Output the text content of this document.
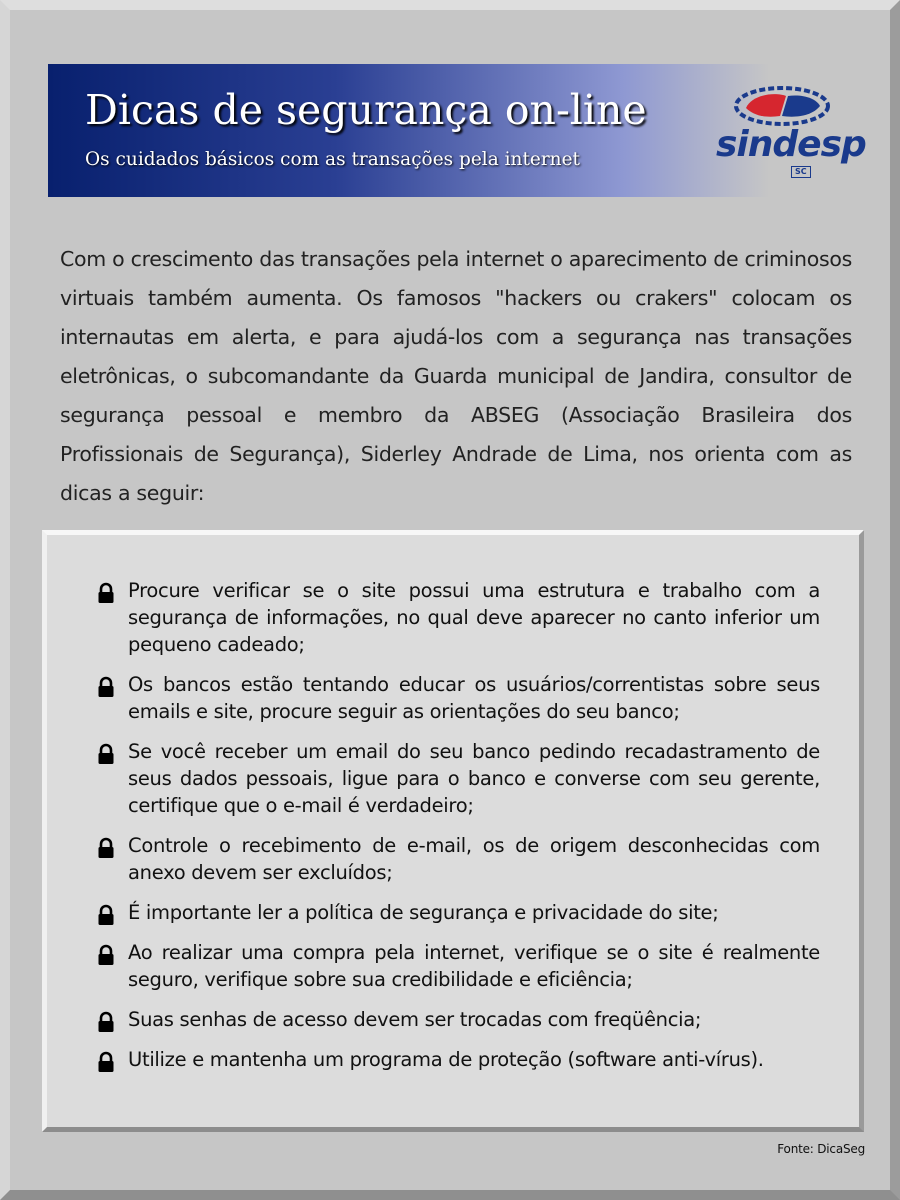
Dicas de segurança on-line
Os cuidados básicos com as transações pela internet	sindesp
SC
Com o crescimento das transações pela internet o aparecimento de criminosos virtuais também aumenta. Os famosos "hackers ou crakers" colocam os internautas em alerta, e para ajudá-los com a segurança nas transações eletrônicas, o subcomandante da Guarda municipal de Jandira, consultor de segurança pessoal e membro da ABSEG (Associação Brasileira dos Profissionais de Segurança), Siderley Andrade de Lima, nos orienta com as dicas a seguir:
Procure verificar se o site possui uma estrutura e trabalho com a segurança de informações, no qual deve aparecer no canto inferior um pequeno cadeado;
Os bancos estão tentando educar os usuários/correntistas sobre seus emails e site, procure seguir as orientações do seu banco;
Se você receber um email do seu banco pedindo recadastramento de seus dados pessoais, ligue para o banco e converse com seu gerente, certifique que o e-mail é verdadeiro;
Controle o recebimento de e-mail, os de origem desconhecidas com anexo devem ser excluídos;
É importante ler a política de segurança e privacidade do site;
Ao realizar uma compra pela internet, verifique se o site é realmente seguro, verifique sobre sua credibilidade e eficiência;
Suas senhas de acesso devem ser trocadas com freqüência;
Utilize e mantenha um programa de proteção (software anti-vírus).
Fonte: DicaSeg
